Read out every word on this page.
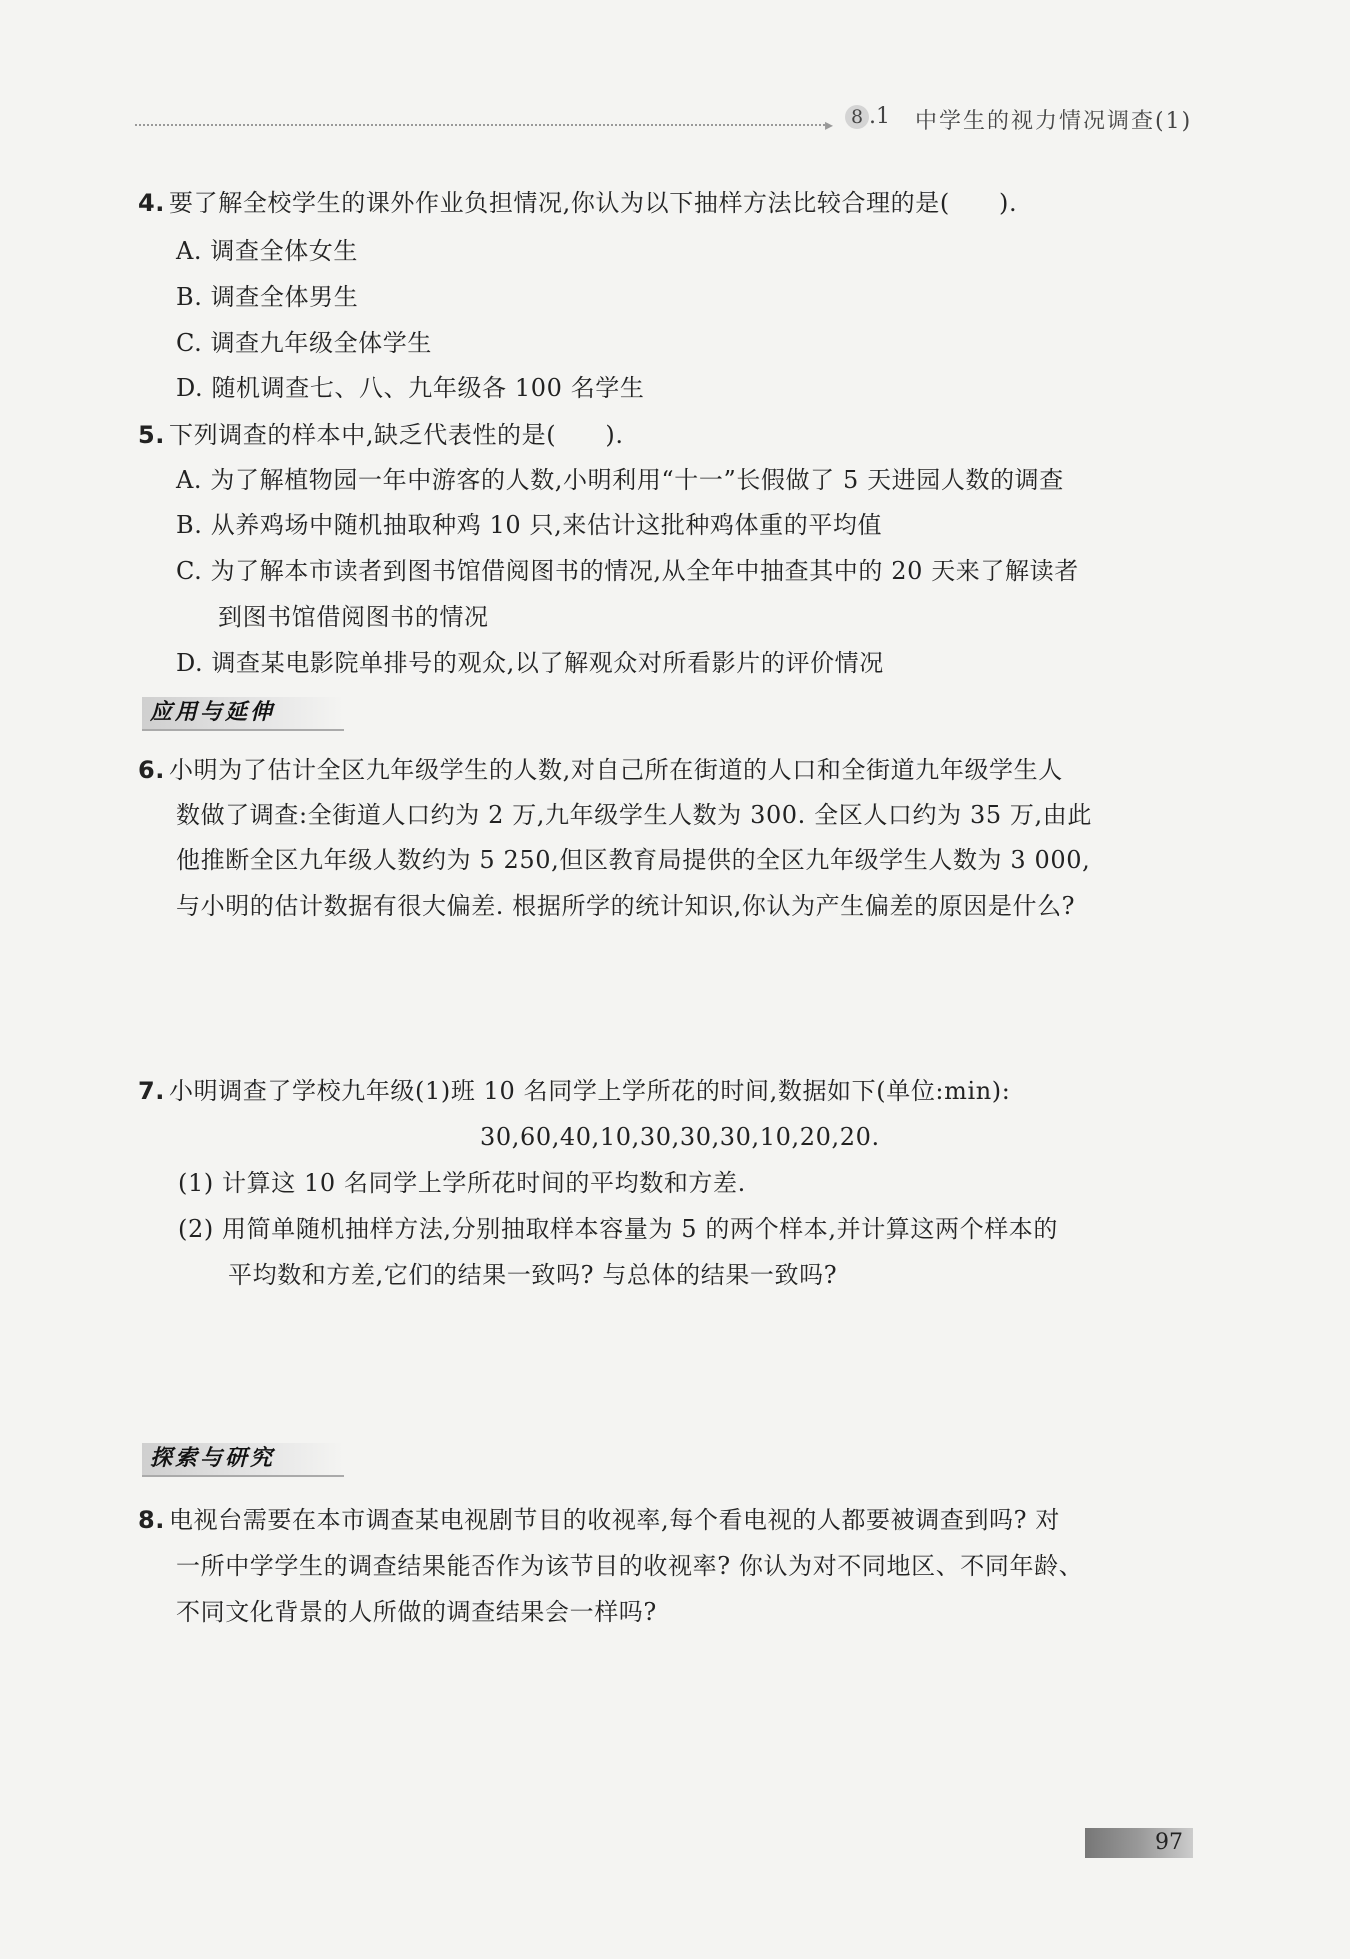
▸ 8 .1 中学生的视力情况调查(1)
4. 要了解全校学生的课外作业负担情况,你认为以下抽样方法比较合理的是(　　).
A. 调查全体女生
B. 调查全体男生
C. 调查九年级全体学生
D. 随机调查七、八、九年级各 100 名学生
5. 下列调查的样本中,缺乏代表性的是(　　).
A. 为了解植物园一年中游客的人数,小明利用“十一”长假做了 5 天进园人数的调查
B. 从养鸡场中随机抽取种鸡 10 只,来估计这批种鸡体重的平均值
C. 为了解本市读者到图书馆借阅图书的情况,从全年中抽查其中的 20 天来了解读者
到图书馆借阅图书的情况
D. 调查某电影院单排号的观众,以了解观众对所看影片的评价情况
应用与延伸
6. 小明为了估计全区九年级学生的人数,对自己所在街道的人口和全街道九年级学生人
数做了调查:全街道人口约为 2 万,九年级学生人数为 300. 全区人口约为 35 万,由此
他推断全区九年级人数约为 5 250,但区教育局提供的全区九年级学生人数为 3 000,
与小明的估计数据有很大偏差. 根据所学的统计知识,你认为产生偏差的原因是什么?
7. 小明调查了学校九年级(1)班 10 名同学上学所花的时间,数据如下(单位:min):
30,60,40,10,30,30,30,10,20,20.
(1) 计算这 10 名同学上学所花时间的平均数和方差.
(2) 用简单随机抽样方法,分别抽取样本容量为 5 的两个样本,并计算这两个样本的
平均数和方差,它们的结果一致吗? 与总体的结果一致吗?
探索与研究
8. 电视台需要在本市调查某电视剧节目的收视率,每个看电视的人都要被调查到吗? 对
一所中学学生的调查结果能否作为该节目的收视率? 你认为对不同地区、不同年龄、
不同文化背景的人所做的调查结果会一样吗?
97
